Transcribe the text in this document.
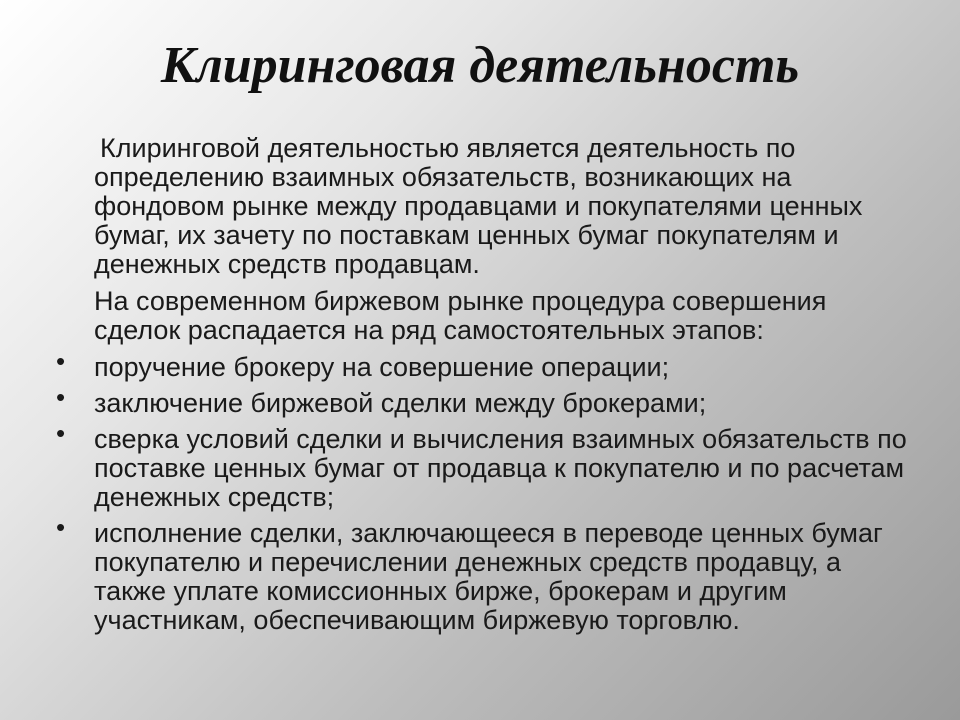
Клиринговая деятельность
Клиринговой деятельностью является деятельность по определению взаимных обязательств, возникающих на фондовом рынке между продавцами и покупателями ценных бумаг, их зачету по поставкам ценных бумаг покупателям и денежных средств продавцам.
На современном биржевом рынке процедура совершения сделок распадается на ряд самостоятельных этапов:
• поручение брокеру на совершение операции;
• заключение биржевой сделки между брокерами;
• сверка условий сделки и вычисления взаимных обязательств по поставке ценных бумаг от продавца к покупателю и по расчетам денежных средств;
• исполнение сделки, заключающееся в переводе ценных бумаг покупателю и перечислении денежных средств продавцу, а также уплате комиссионных бирже, брокерам и другим участникам, обеспечивающим биржевую торговлю.
